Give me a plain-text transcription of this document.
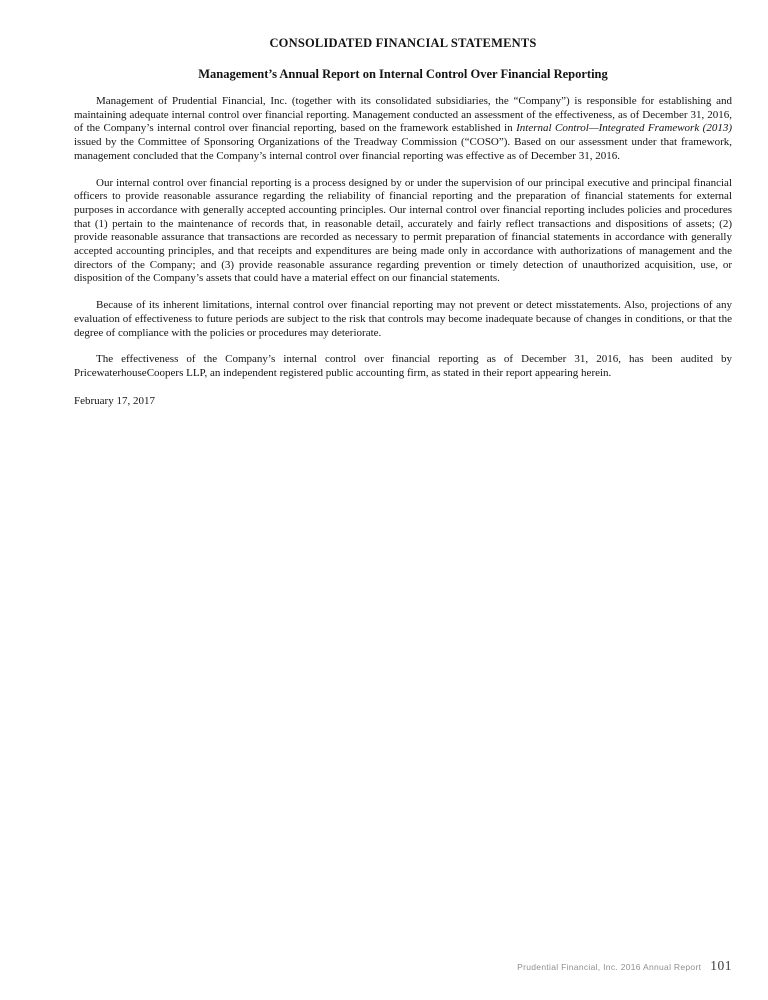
CONSOLIDATED FINANCIAL STATEMENTS
Management’s Annual Report on Internal Control Over Financial Reporting

Management of Prudential Financial, Inc. (together with its consolidated subsidiaries, the “Company”) is responsible for establishing and maintaining adequate internal control over financial reporting. Management conducted an assessment of the effectiveness, as of December 31, 2016, of the Company’s internal control over financial reporting, based on the framework established in Internal Control—Integrated Framework (2013) issued by the Committee of Sponsoring Organizations of the Treadway Commission (“COSO”). Based on our assessment under that framework, management concluded that the Company’s internal control over financial reporting was effective as of December 31, 2016.

Our internal control over financial reporting is a process designed by or under the supervision of our principal executive and principal financial officers to provide reasonable assurance regarding the reliability of financial reporting and the preparation of financial statements for external purposes in accordance with generally accepted accounting principles. Our internal control over financial reporting includes policies and procedures that (1) pertain to the maintenance of records that, in reasonable detail, accurately and fairly reflect transactions and dispositions of assets; (2) provide reasonable assurance that transactions are recorded as necessary to permit preparation of financial statements in accordance with generally accepted accounting principles, and that receipts and expenditures are being made only in accordance with authorizations of management and the directors of the Company; and (3) provide reasonable assurance regarding prevention or timely detection of unauthorized acquisition, use, or disposition of the Company’s assets that could have a material effect on our financial statements.

Because of its inherent limitations, internal control over financial reporting may not prevent or detect misstatements. Also, projections of any evaluation of effectiveness to future periods are subject to the risk that controls may become inadequate because of changes in conditions, or that the degree of compliance with the policies or procedures may deteriorate.

The effectiveness of the Company’s internal control over financial reporting as of December 31, 2016, has been audited by PricewaterhouseCoopers LLP, an independent registered public accounting firm, as stated in their report appearing herein.

February 17, 2017

Prudential Financial, Inc. 2016 Annual Report 101
